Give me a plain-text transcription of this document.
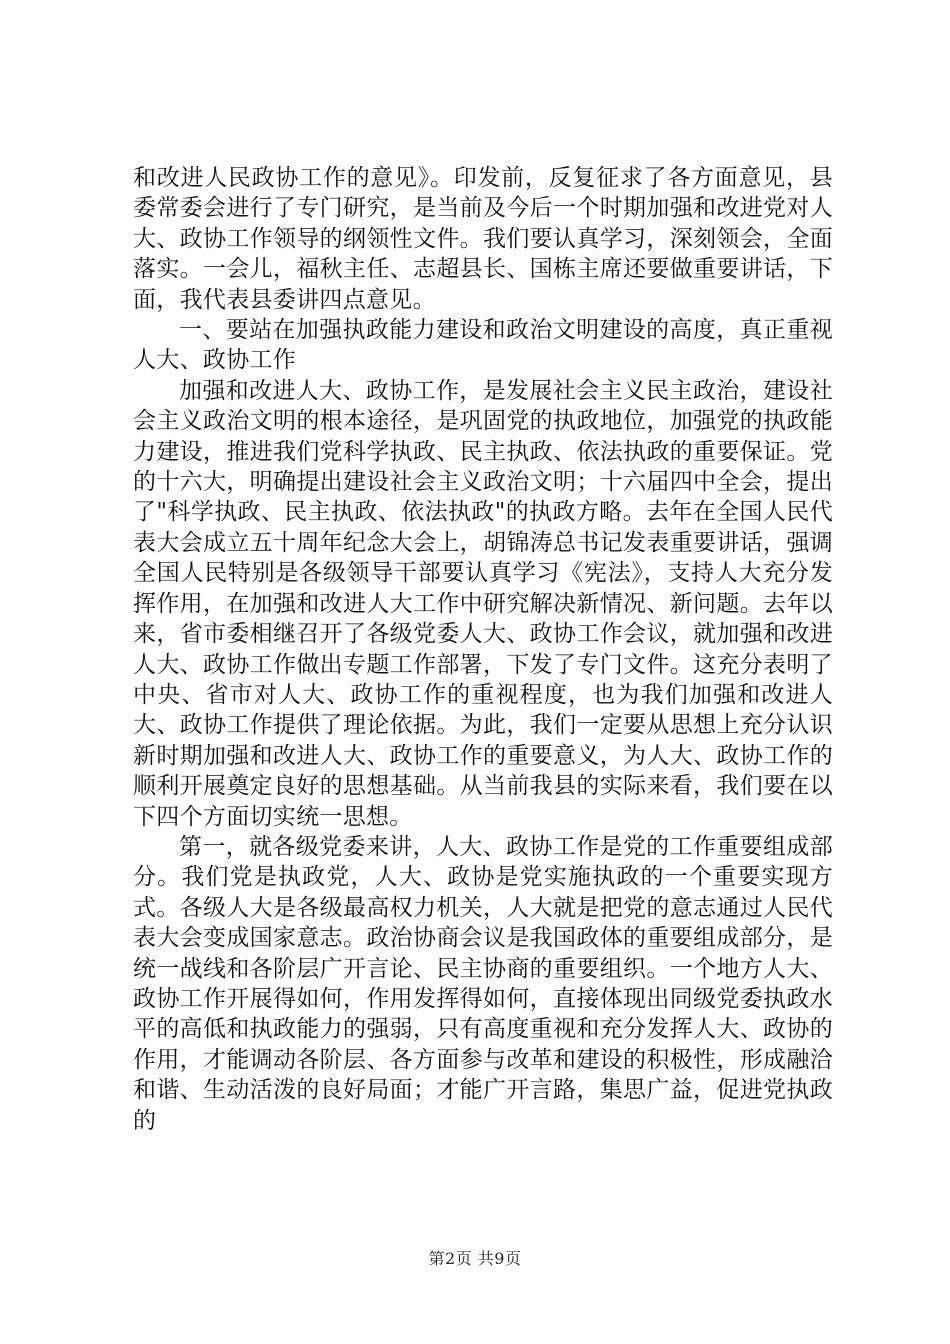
和改进人民政协工作的意见》。印发前，反复征求了各方面意见，县委常委会进行了专门研究，是当前及今后一个时期加强和改进党对人大、政协工作领导的纲领性文件。我们要认真学习，深刻领会，全面落实。一会儿，福秋主任、志超县长、国栋主席还要做重要讲话，下面，我代表县委讲四点意见。

一、要站在加强执政能力建设和政治文明建设的高度，真正重视人大、政协工作

加强和改进人大、政协工作，是发展社会主义民主政治，建设社会主义政治文明的根本途径，是巩固党的执政地位，加强党的执政能力建设，推进我们党科学执政、民主执政、依法执政的重要保证。党的十六大，明确提出建设社会主义政治文明；十六届四中全会，提出了"科学执政、民主执政、依法执政"的执政方略。去年在全国人民代表大会成立五十周年纪念大会上，胡锦涛总书记发表重要讲话，强调全国人民特别是各级领导干部要认真学习《宪法》，支持人大充分发挥作用，在加强和改进人大工作中研究解决新情况、新问题。去年以来，省市委相继召开了各级党委人大、政协工作会议，就加强和改进人大、政协工作做出专题工作部署，下发了专门文件。这充分表明了中央、省市对人大、政协工作的重视程度，也为我们加强和改进人大、政协工作提供了理论依据。为此，我们一定要从思想上充分认识新时期加强和改进人大、政协工作的重要意义，为人大、政协工作的顺利开展奠定良好的思想基础。从当前我县的实际来看，我们要在以下四个方面切实统一思想。

第一，就各级党委来讲，人大、政协工作是党的工作重要组成部分。我们党是执政党，人大、政协是党实施执政的一个重要实现方式。各级人大是各级最高权力机关，人大就是把党的意志通过人民代表大会变成国家意志。政治协商会议是我国政体的重要组成部分，是统一战线和各阶层广开言论、民主协商的重要组织。一个地方人大、政协工作开展得如何，作用发挥得如何，直接体现出同级党委执政水平的高低和执政能力的强弱，只有高度重视和充分发挥人大、政协的作用，才能调动各阶层、各方面参与改革和建设的积极性，形成融洽和谐、生动活泼的良好局面；才能广开言路，集思广益，促进党执政的

第2页 共9页
